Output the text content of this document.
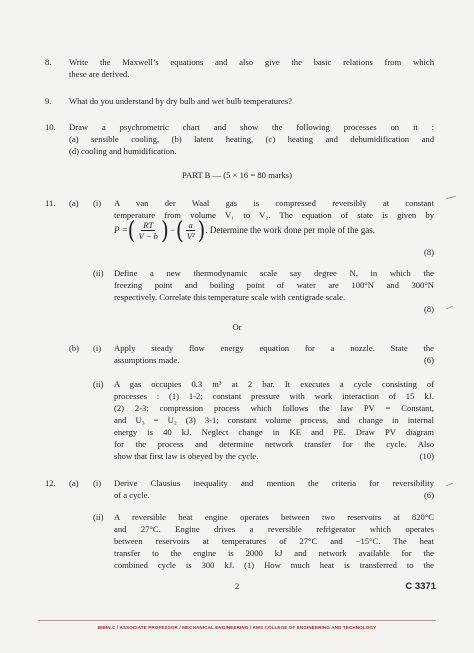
8. Write the Maxwell’s equations and also give the basic relations from which
these are derived.
9. What do you understand by dry bulb and wet bulb temperatures?
10. Draw a psychrometric chart and show the following processes on it :
(a) sensible cooling, (b) latent heating, (c) heating and dehumidification and
(d) cooling and humidification.
PART B — (5 × 16 = 80 marks)
11. (a) (i) A van der Waal gas is compressed reversibly at constant
temperature from volume V₁ to V₂. The equation of state is given by
P = ( $\frac{RT}{V - b}$ ) − ( $\frac{a}{\text{V²}}$ ) . Determine the work done per mole of the gas.
(8)
(ii) Define a new thermodynamic scale say degree N, in which the
freezing point and boiling point of water are 100°N and 300°N
respectively. Correlate this temperature scale with centigrade scale.
(8)
Or
(b) (i) Apply steady flow energy equation for a nozzle. State the
assumptions made.	(6)
(ii) A gas occupies 0.3 m³ at 2 bar. It executes a cycle consisting of
processes : (1) 1-2; constant pressure with work interaction of 15 kJ.
(2) 2-3; compression process which follows the law PV = Constant,
and U₃ = U₂ (3) 3-1; constant volume process, and change in internal
energy is 40 kJ. Neglect change in KE and PE. Draw PV diagram
for the process and determine network transfer for the cycle. Also
show that first law is obeyed by the cycle.	(10)
12. (a) (i) Derive Clausius inequality and mention the criteria for reversibility
of a cycle.	(6)
(ii) A reversible heat engine operates between two reservoirs at 820°C
and 27°C. Engine drives a reversible refrigerator which operates
between reservoirs at temperatures of 27°C and −15°C. The heat
transfer to the engine is 2000 kJ and network available for the
combined cycle is 300 kJ. (1) How much heat is transferred to the
2	C 3371
BIBIN.C / ASSOCIATE PROFESSOR / MECHANICAL ENGINEERING / KMS COLLEGE OF ENGINEERING AND TECHNOLOGY
